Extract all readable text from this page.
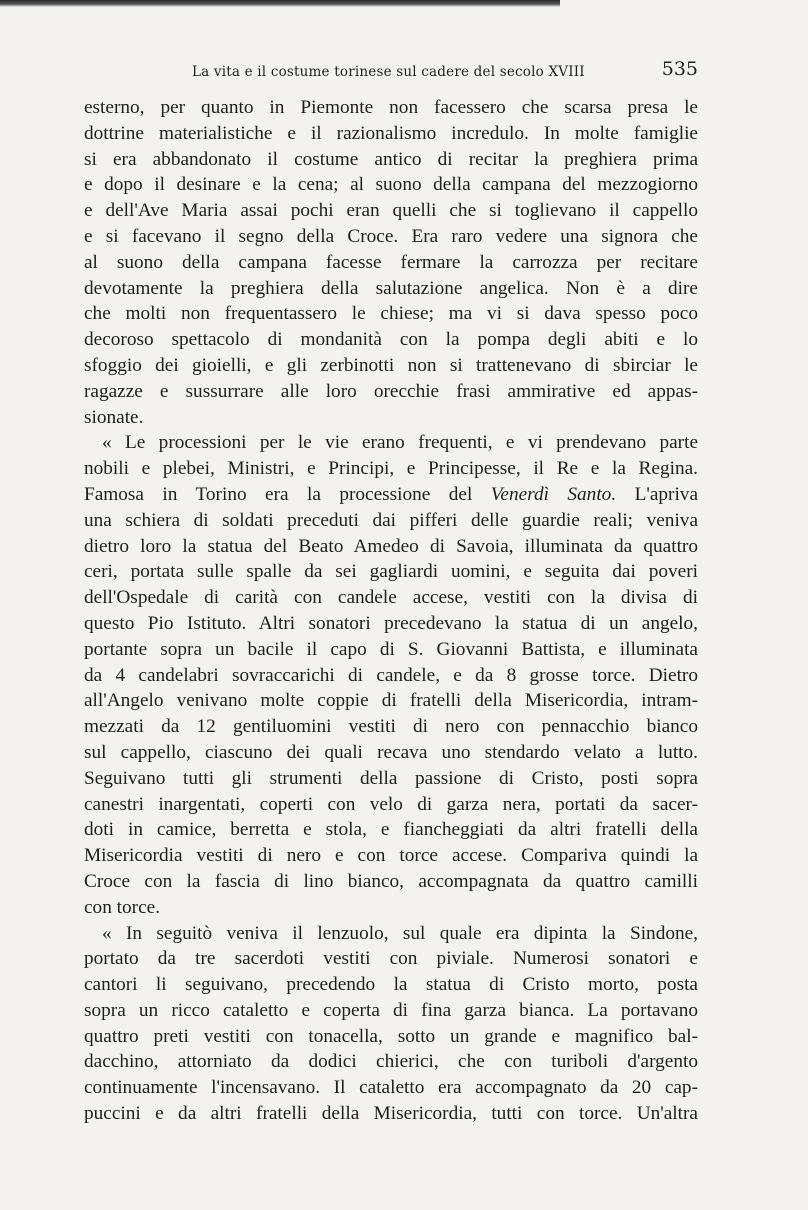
La vita e il costume torinese sul cadere del secolo XVIII	535
esterno, per quanto in Piemonte non facessero che scarsa presa le
dottrine materialistiche e il razionalismo incredulo. In molte famiglie
si era abbandonato il costume antico di recitar la preghiera prima
e dopo il desinare e la cena; al suono della campana del mezzogiorno
e dell'Ave Maria assai pochi eran quelli che si toglievano il cappello
e si facevano il segno della Croce. Era raro vedere una signora che
al suono della campana facesse fermare la carrozza per recitare
devotamente la preghiera della salutazione angelica. Non è a dire
che molti non frequentassero le chiese; ma vi si dava spesso poco
decoroso spettacolo di mondanità con la pompa degli abiti e lo
sfoggio dei gioielli, e gli zerbinotti non si trattenevano di sbirciar le
ragazze e sussurrare alle loro orecchie frasi ammirative ed appas-
sionate.
« Le processioni per le vie erano frequenti, e vi prendevano parte
nobili e plebei, Ministri, e Principi, e Principesse, il Re e la Regina.
Famosa in Torino era la processione del Venerdì Santo. L'apriva
una schiera di soldati preceduti dai pifferi delle guardie reali; veniva
dietro loro la statua del Beato Amedeo di Savoia, illuminata da quattro
ceri, portata sulle spalle da sei gagliardi uomini, e seguita dai poveri
dell'Ospedale di carità con candele accese, vestiti con la divisa di
questo Pio Istituto. Altri sonatori precedevano la statua di un angelo,
portante sopra un bacile il capo di S. Giovanni Battista, e illuminata
da 4 candelabri sovraccarichi di candele, e da 8 grosse torce. Dietro
all'Angelo venivano molte coppie di fratelli della Misericordia, intram-
mezzati da 12 gentiluomini vestiti di nero con pennacchio bianco
sul cappello, ciascuno dei quali recava uno stendardo velato a lutto.
Seguivano tutti gli strumenti della passione di Cristo, posti sopra
canestri inargentati, coperti con velo di garza nera, portati da sacer-
doti in camice, berretta e stola, e fiancheggiati da altri fratelli della
Misericordia vestiti di nero e con torce accese. Compariva quindi la
Croce con la fascia di lino bianco, accompagnata da quattro camilli
con torce.
« In seguitò veniva il lenzuolo, sul quale era dipinta la Sindone,
portato da tre sacerdoti vestiti con piviale. Numerosi sonatori e
cantori li seguivano, precedendo la statua di Cristo morto, posta
sopra un ricco cataletto e coperta di fina garza bianca. La portavano
quattro preti vestiti con tonacella, sotto un grande e magnifico bal-
dacchino, attorniato da dodici chierici, che con turiboli d'argento
continuamente l'incensavano. Il cataletto era accompagnato da 20 cap-
puccini e da altri fratelli della Misericordia, tutti con torce. Un'altra
